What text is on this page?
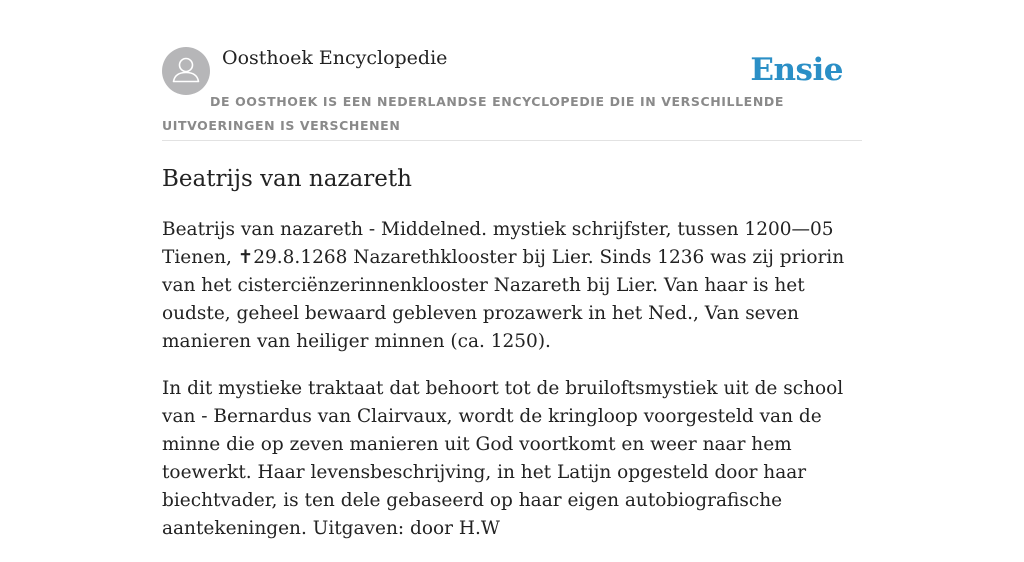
Oosthoek Encyclopedie	Ensie
DE OOSTHOEK IS EEN NEDERLANDSE ENCYCLOPEDIE DIE IN VERSCHILLENDE UITVOERINGEN IS VERSCHENEN
Beatrijs van nazareth

Beatrijs van nazareth - Middelned. mystiek schrijfster, tussen 1200—05 Tienen, ✝29.8.1268 Nazarethklooster bij Lier. Sinds 1236 was zij priorin van het cisterciënzerinnenklooster Nazareth bij Lier. Van haar is het oudste, geheel bewaard gebleven prozawerk in het Ned., Van seven manieren van heiliger minnen (ca. 1250).

In dit mystieke traktaat dat behoort tot de bruiloftsmystiek uit de school van - Bernardus van Clairvaux, wordt de kringloop voorgesteld van de minne die op zeven manieren uit God voortkomt en weer naar hem toewerkt. Haar levensbeschrijving, in het Latijn opgesteld door haar biechtvader, is ten dele gebaseerd op haar eigen autobiografische aantekeningen. Uitgaven: door H.W
